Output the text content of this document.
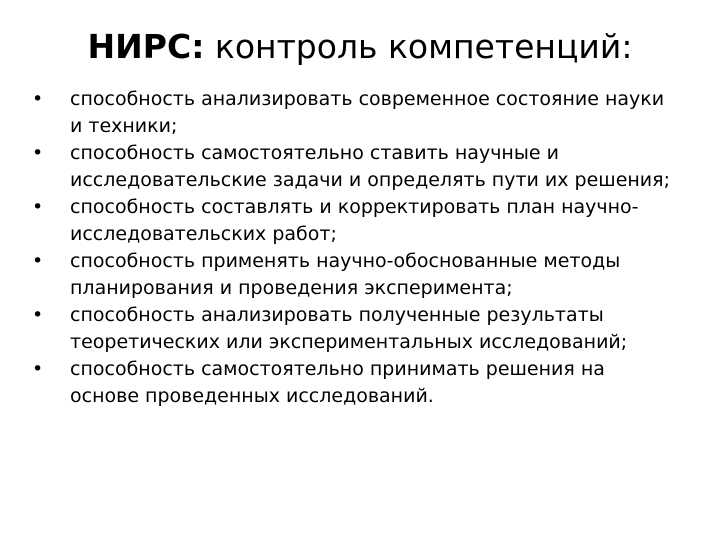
НИРС: контроль компетенций:
•	способность анализировать современное состояние науки
и техники;
•	способность самостоятельно ставить научные и
исследовательские задачи и определять пути их решения;
•	способность составлять и корректировать план научно-
исследовательских работ;
•	способность применять научно-обоснованные методы
планирования и проведения эксперимента;
•	способность анализировать полученные результаты
теоретических или экспериментальных исследований;
•	способность самостоятельно принимать решения на
основе проведенных исследований.
